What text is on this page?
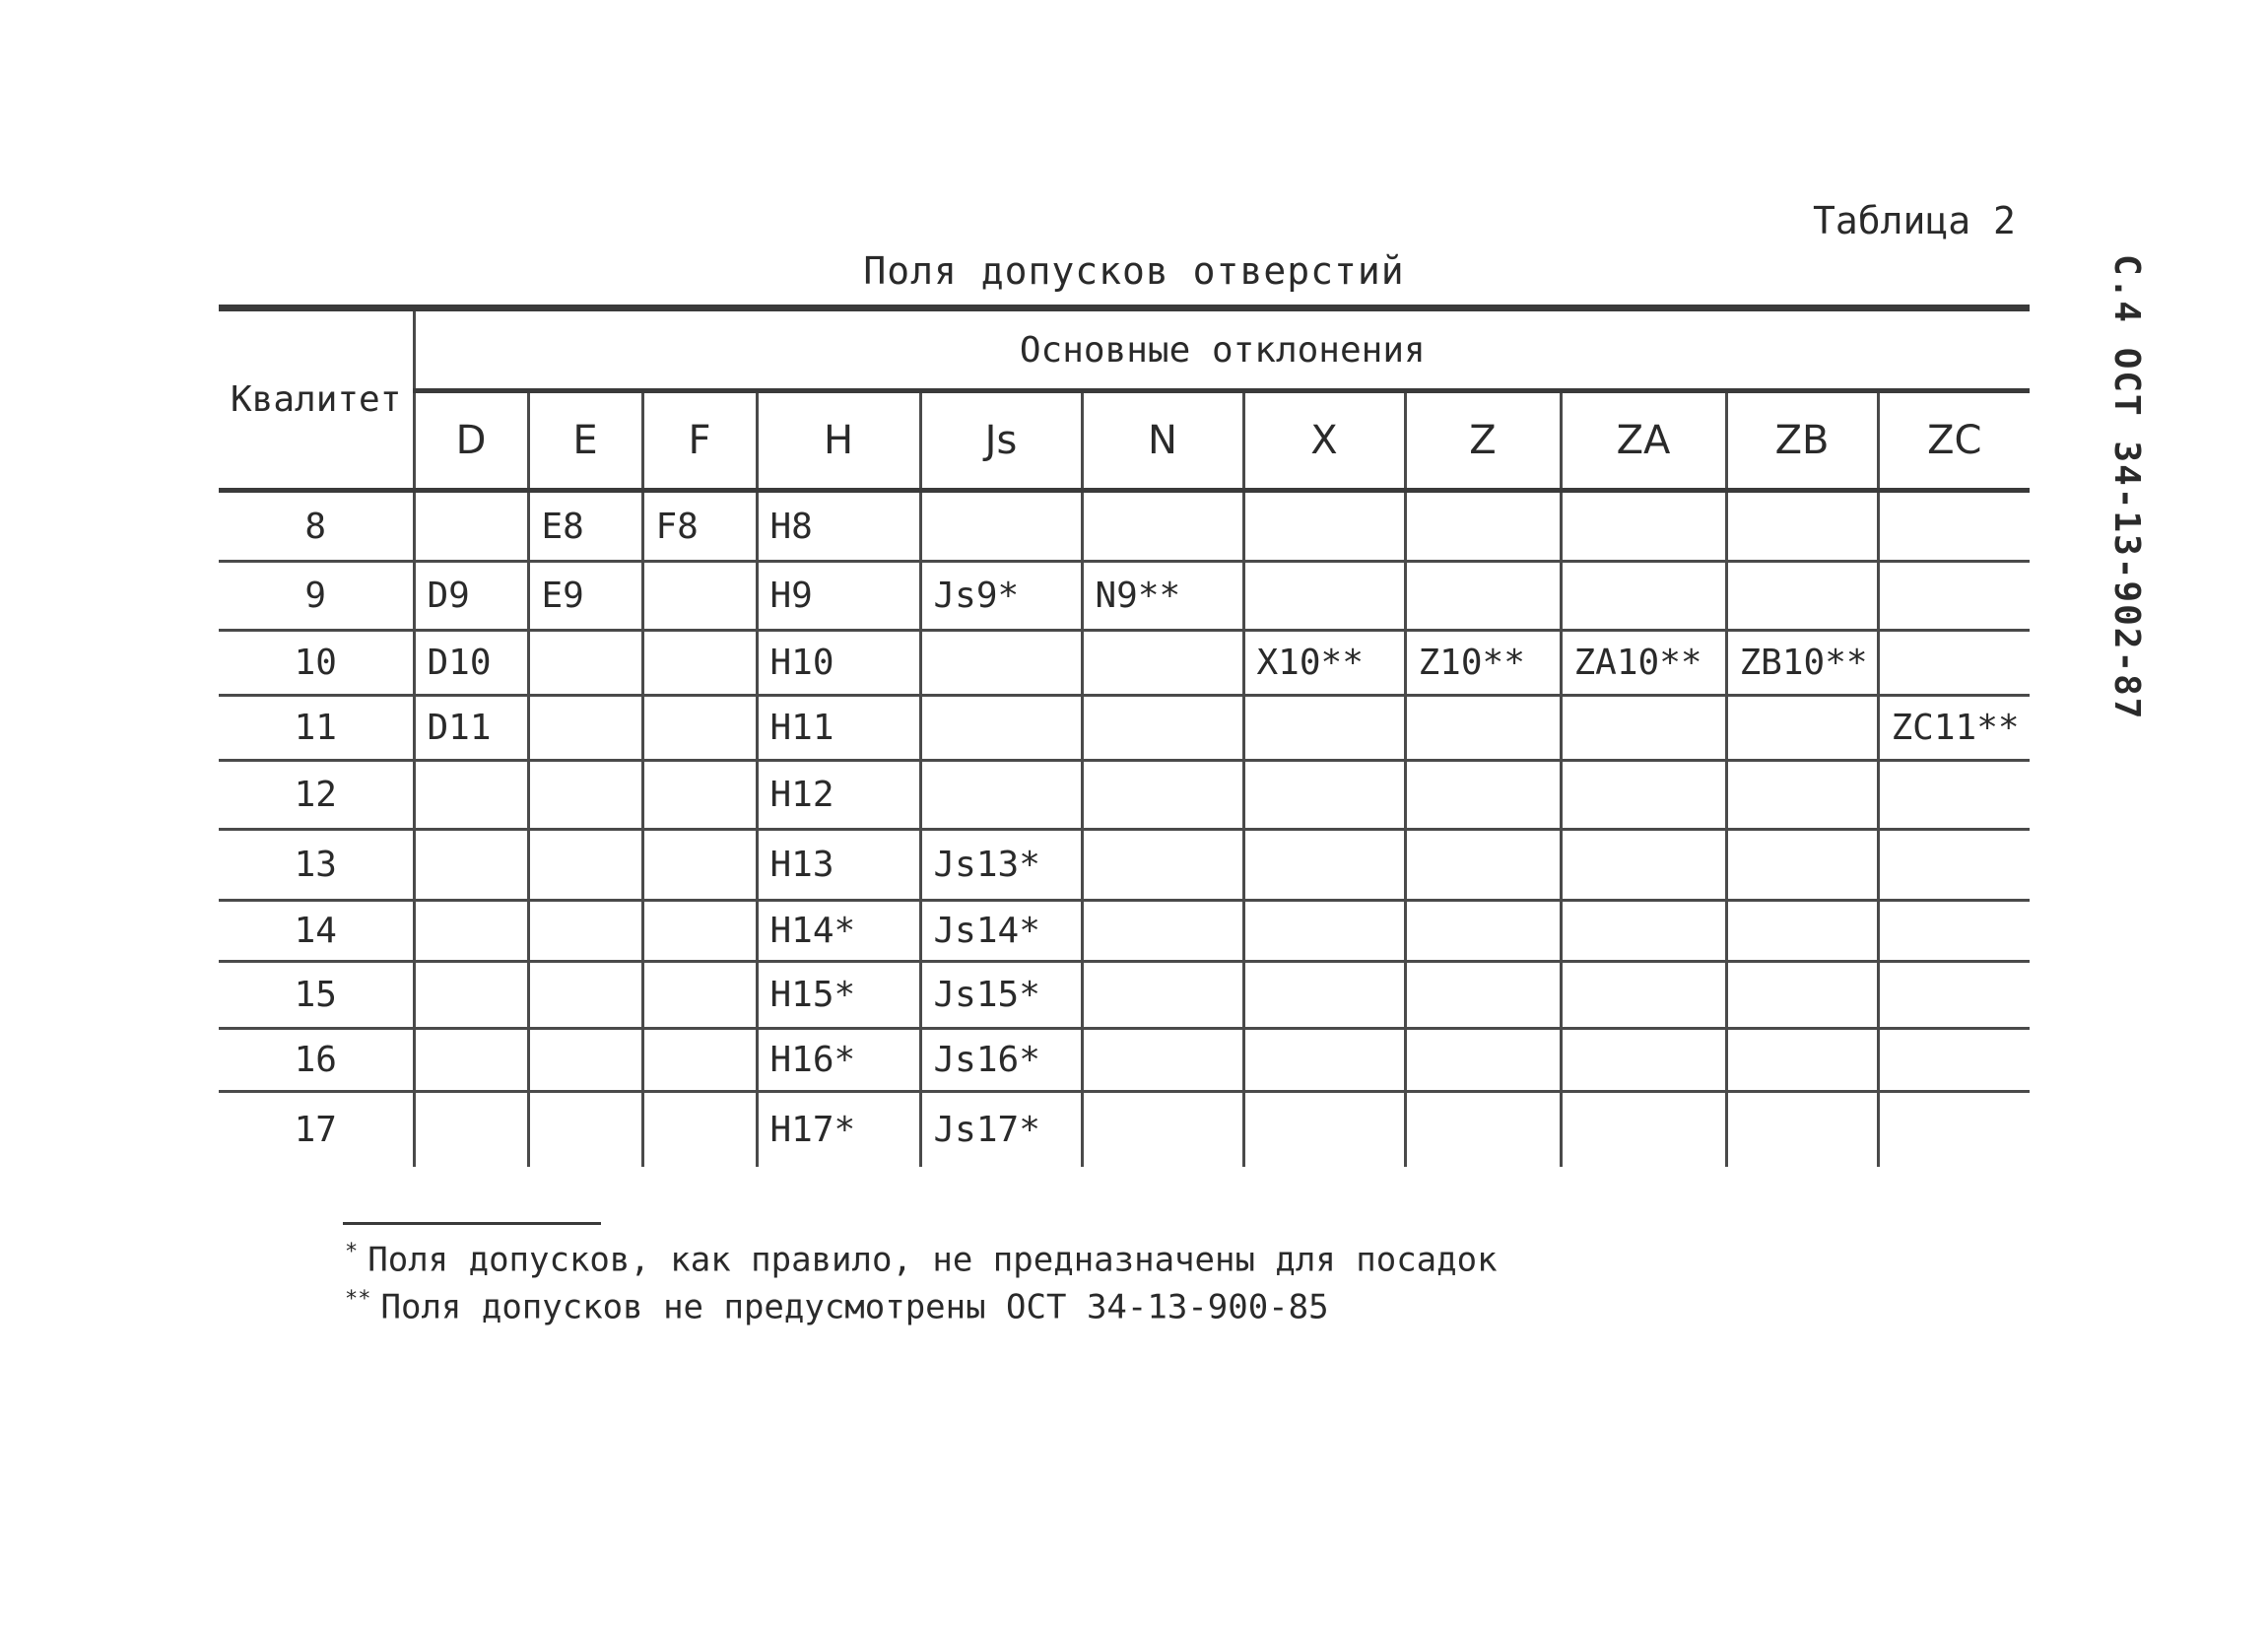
Таблица 2
Поля допусков отверстий	С.4 ОСТ 34-13-902-87
Квалитет	Основные отклонения										
	D	E	F	H	Js	N	X	Z	ZA	ZB	ZC
8		E8	F8	H8							
9	D9	E9		H9	Js9*	N9**					
10	D10			H10			X10**	Z10**	ZA10**	ZB10**	
11	D11			H11							ZC11**
12				H12							
13				H13	Js13*						
14				H14*	Js14*						
15				H15*	Js15*						
16				H16*	Js16*						
17				H17*	Js17*						
* Поля допусков, как правило, не предназначены для посадок
** Поля допусков не предусмотрены ОСТ 34-13-900-85
